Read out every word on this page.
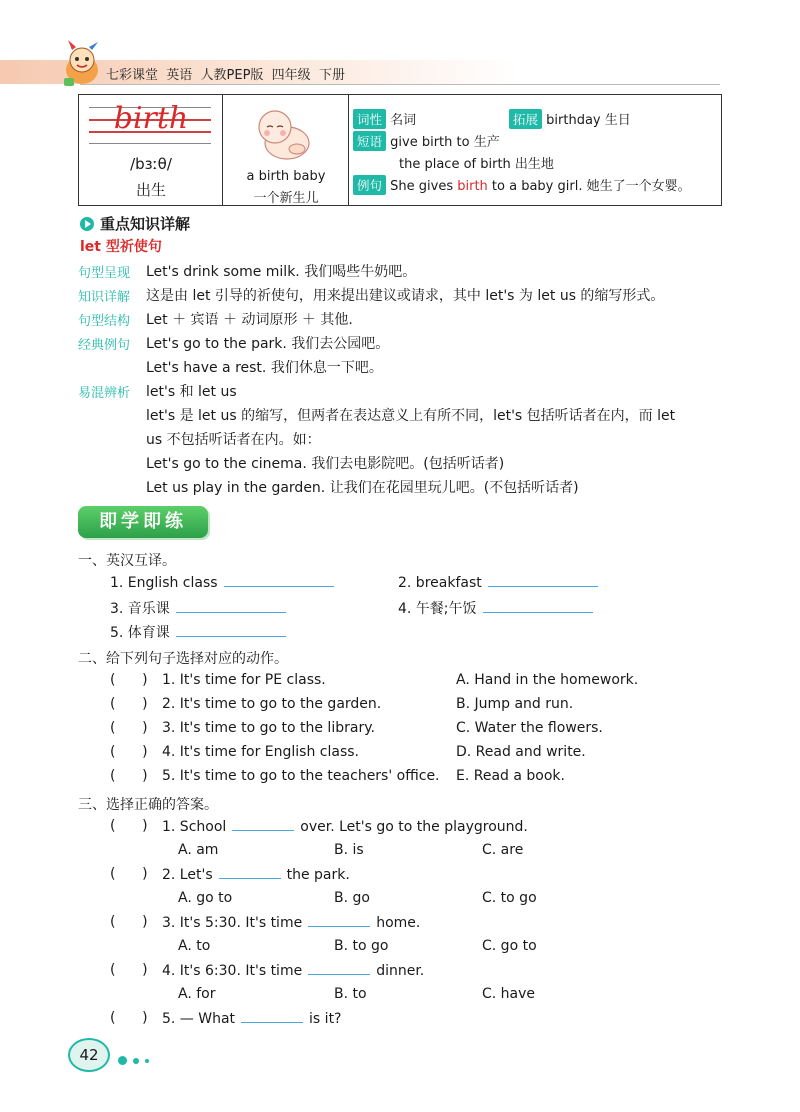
七彩课堂  英语  人教PEP版  四年级  下册
birth
/bɜːθ/
出生
a birth baby
一个新生儿
词性 名词	拓展 birthday 生日
短语 give birth to 生产
the place of birth 出生地
例句 She gives birth to a baby girl. 她生了一个女婴。
重点知识详解
let 型祈使句
句型呈现 Let's drink some milk. 我们喝些牛奶吧。
知识详解 这是由 let 引导的祈使句，用来提出建议或请求，其中 let's 为 let us 的缩写形式。
句型结构 Let ＋ 宾语 ＋ 动词原形 ＋ 其他.
经典例句 Let's go to the park. 我们去公园吧。
Let's have a rest. 我们休息一下吧。
易混辨析 let's 和 let us
let's 是 let us 的缩写，但两者在表达意义上有所不同，let's 包括听话者在内，而 let
us 不包括听话者在内。如：
Let's go to the cinema. 我们去电影院吧。(包括听话者)
Let us play in the garden. 让我们在花园里玩儿吧。(不包括听话者)
即学即练
一、英汉互译。
1. English class	2. breakfast
3. 音乐课	4. 午餐;午饭
5. 体育课
二、给下列句子选择对应的动作。
(      ) 1. It's time for PE class.	A. Hand in the homework.
(      ) 2. It's time to go to the garden.	B. Jump and run.
(      ) 3. It's time to go to the library.	C. Water the flowers.
(      ) 4. It's time for English class.	D. Read and write.
(      ) 5. It's time to go to the teachers' office. E. Read a book.
三、选择正确的答案。
(      ) 1. School	over. Let's go to the playground.
A. am	B. is	C. are
(      ) 2. Let's	the park.
A. go to	B. go	C. to go
(      ) 3. It's 5:30. It's time	home.
A. to	B. to go	C. go to
(      ) 4. It's 6:30. It's time	dinner.
A. for	B. to	C. have
(      ) 5. — What	is it?
42
